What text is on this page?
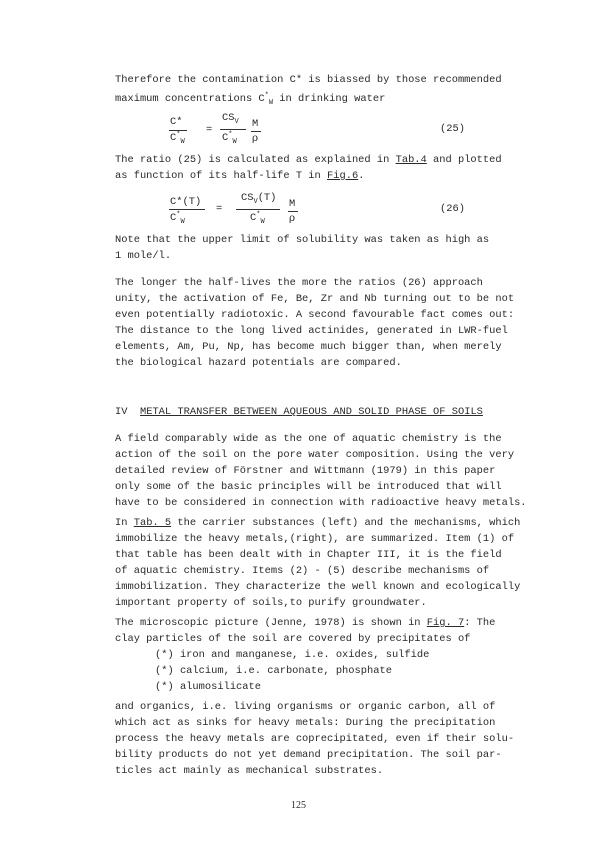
Therefore the contamination C* is biassed by those recommended
maximum concentrations $C^*_W$ in drinking water
C*
$C^*_W$
=
$CS_V$
$C^*_W$
M
ρ
(25)
The ratio (25) is calculated as explained in Tab.4 and plotted
as function of its half-life T in Fig.6.
C*(T)
$C^*_W$
=
$CS_V(T)$
$C^*_W$
M
ρ
(26)
Note that the upper limit of solubility was taken as high as
1 mole/l.
The longer the half-lives the more the ratios (26) approach
unity, the activation of Fe, Be, Zr and Nb turning out to be not
even potentially radiotoxic. A second favourable fact comes out:
The distance to the long lived actinides, generated in LWR-fuel
elements, Am, Pu, Np, has become much bigger than, when merely
the biological hazard potentials are compared.
IV METAL TRANSFER BETWEEN AQUEOUS AND SOLID PHASE OF SOILS
A field comparably wide as the one of aquatic chemistry is the
action of the soil on the pore water composition. Using the very
detailed review of Förstner and Wittmann (1979) in this paper
only some of the basic principles will be introduced that will
have to be considered in connection with radioactive heavy metals.
In Tab. 5 the carrier substances (left) and the mechanisms, which
immobilize the heavy metals,(right), are summarized. Item (1) of
that table has been dealt with in Chapter III, it is the field
of aquatic chemistry. Items (2) - (5) describe mechanisms of
immobilization. They characterize the well known and ecologically
important property of soils,to purify groundwater.
The microscopic picture (Jenne, 1978) is shown in Fig. 7: The
clay particles of the soil are covered by precipitates of
(*) iron and manganese, i.e. oxides, sulfide
(*) calcium, i.e. carbonate, phosphate
(*) alumosilicate
and organics, i.e. living organisms or organic carbon, all of
which act as sinks for heavy metals: During the precipitation
process the heavy metals are coprecipitated, even if their solu-
bility products do not yet demand precipitation. The soil par-
ticles act mainly as mechanical substrates.
125
